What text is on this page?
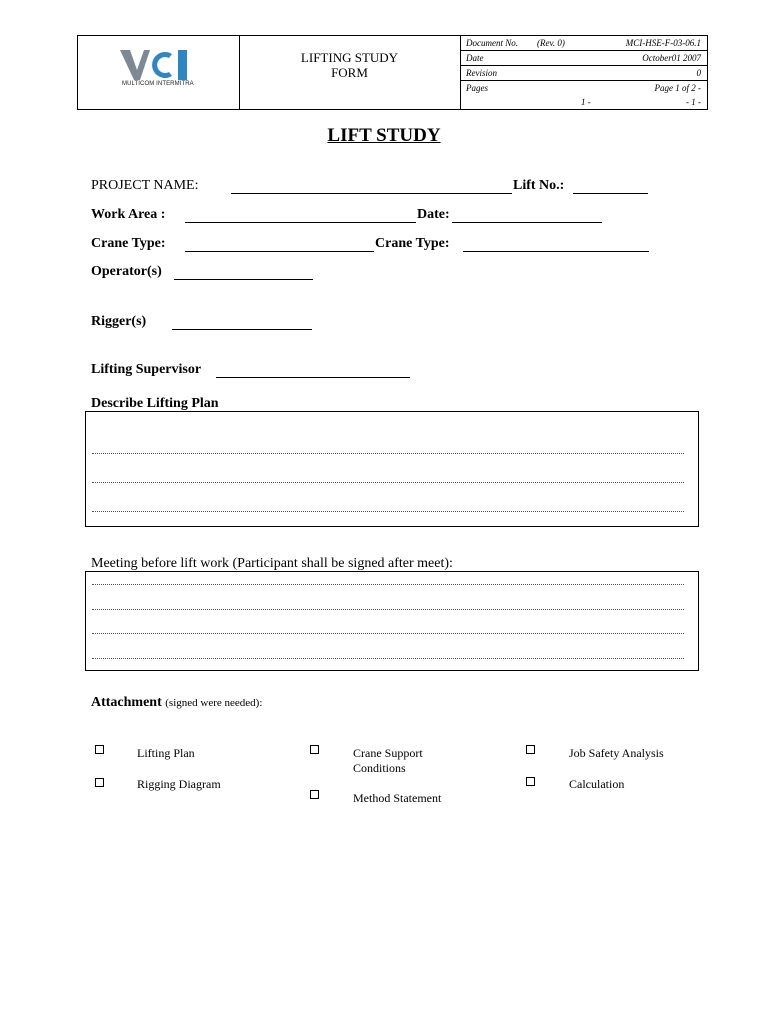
MULTICOM INTERMITRA
LIFTING STUDY
FORM
Document No. (Rev. 0)	MCI-HSE-F-03-06.1
Date	October01 2007
Revision	0
Pages	Page 1 of 2 -
1 -	- 1 -
LIFT STUDY
PROJECT NAME:	Lift No.:
Work Area :	Date:
Crane Type:	Crane Type:
Operator(s)
Rigger(s)
Lifting Supervisor
Describe Lifting Plan
Meeting before lift work (Participant shall be signed after meet):
Attachment (signed were needed):
Lifting Plan
Rigging Diagram
Crane Support
Conditions
Method Statement
Job Safety Analysis
Calculation
